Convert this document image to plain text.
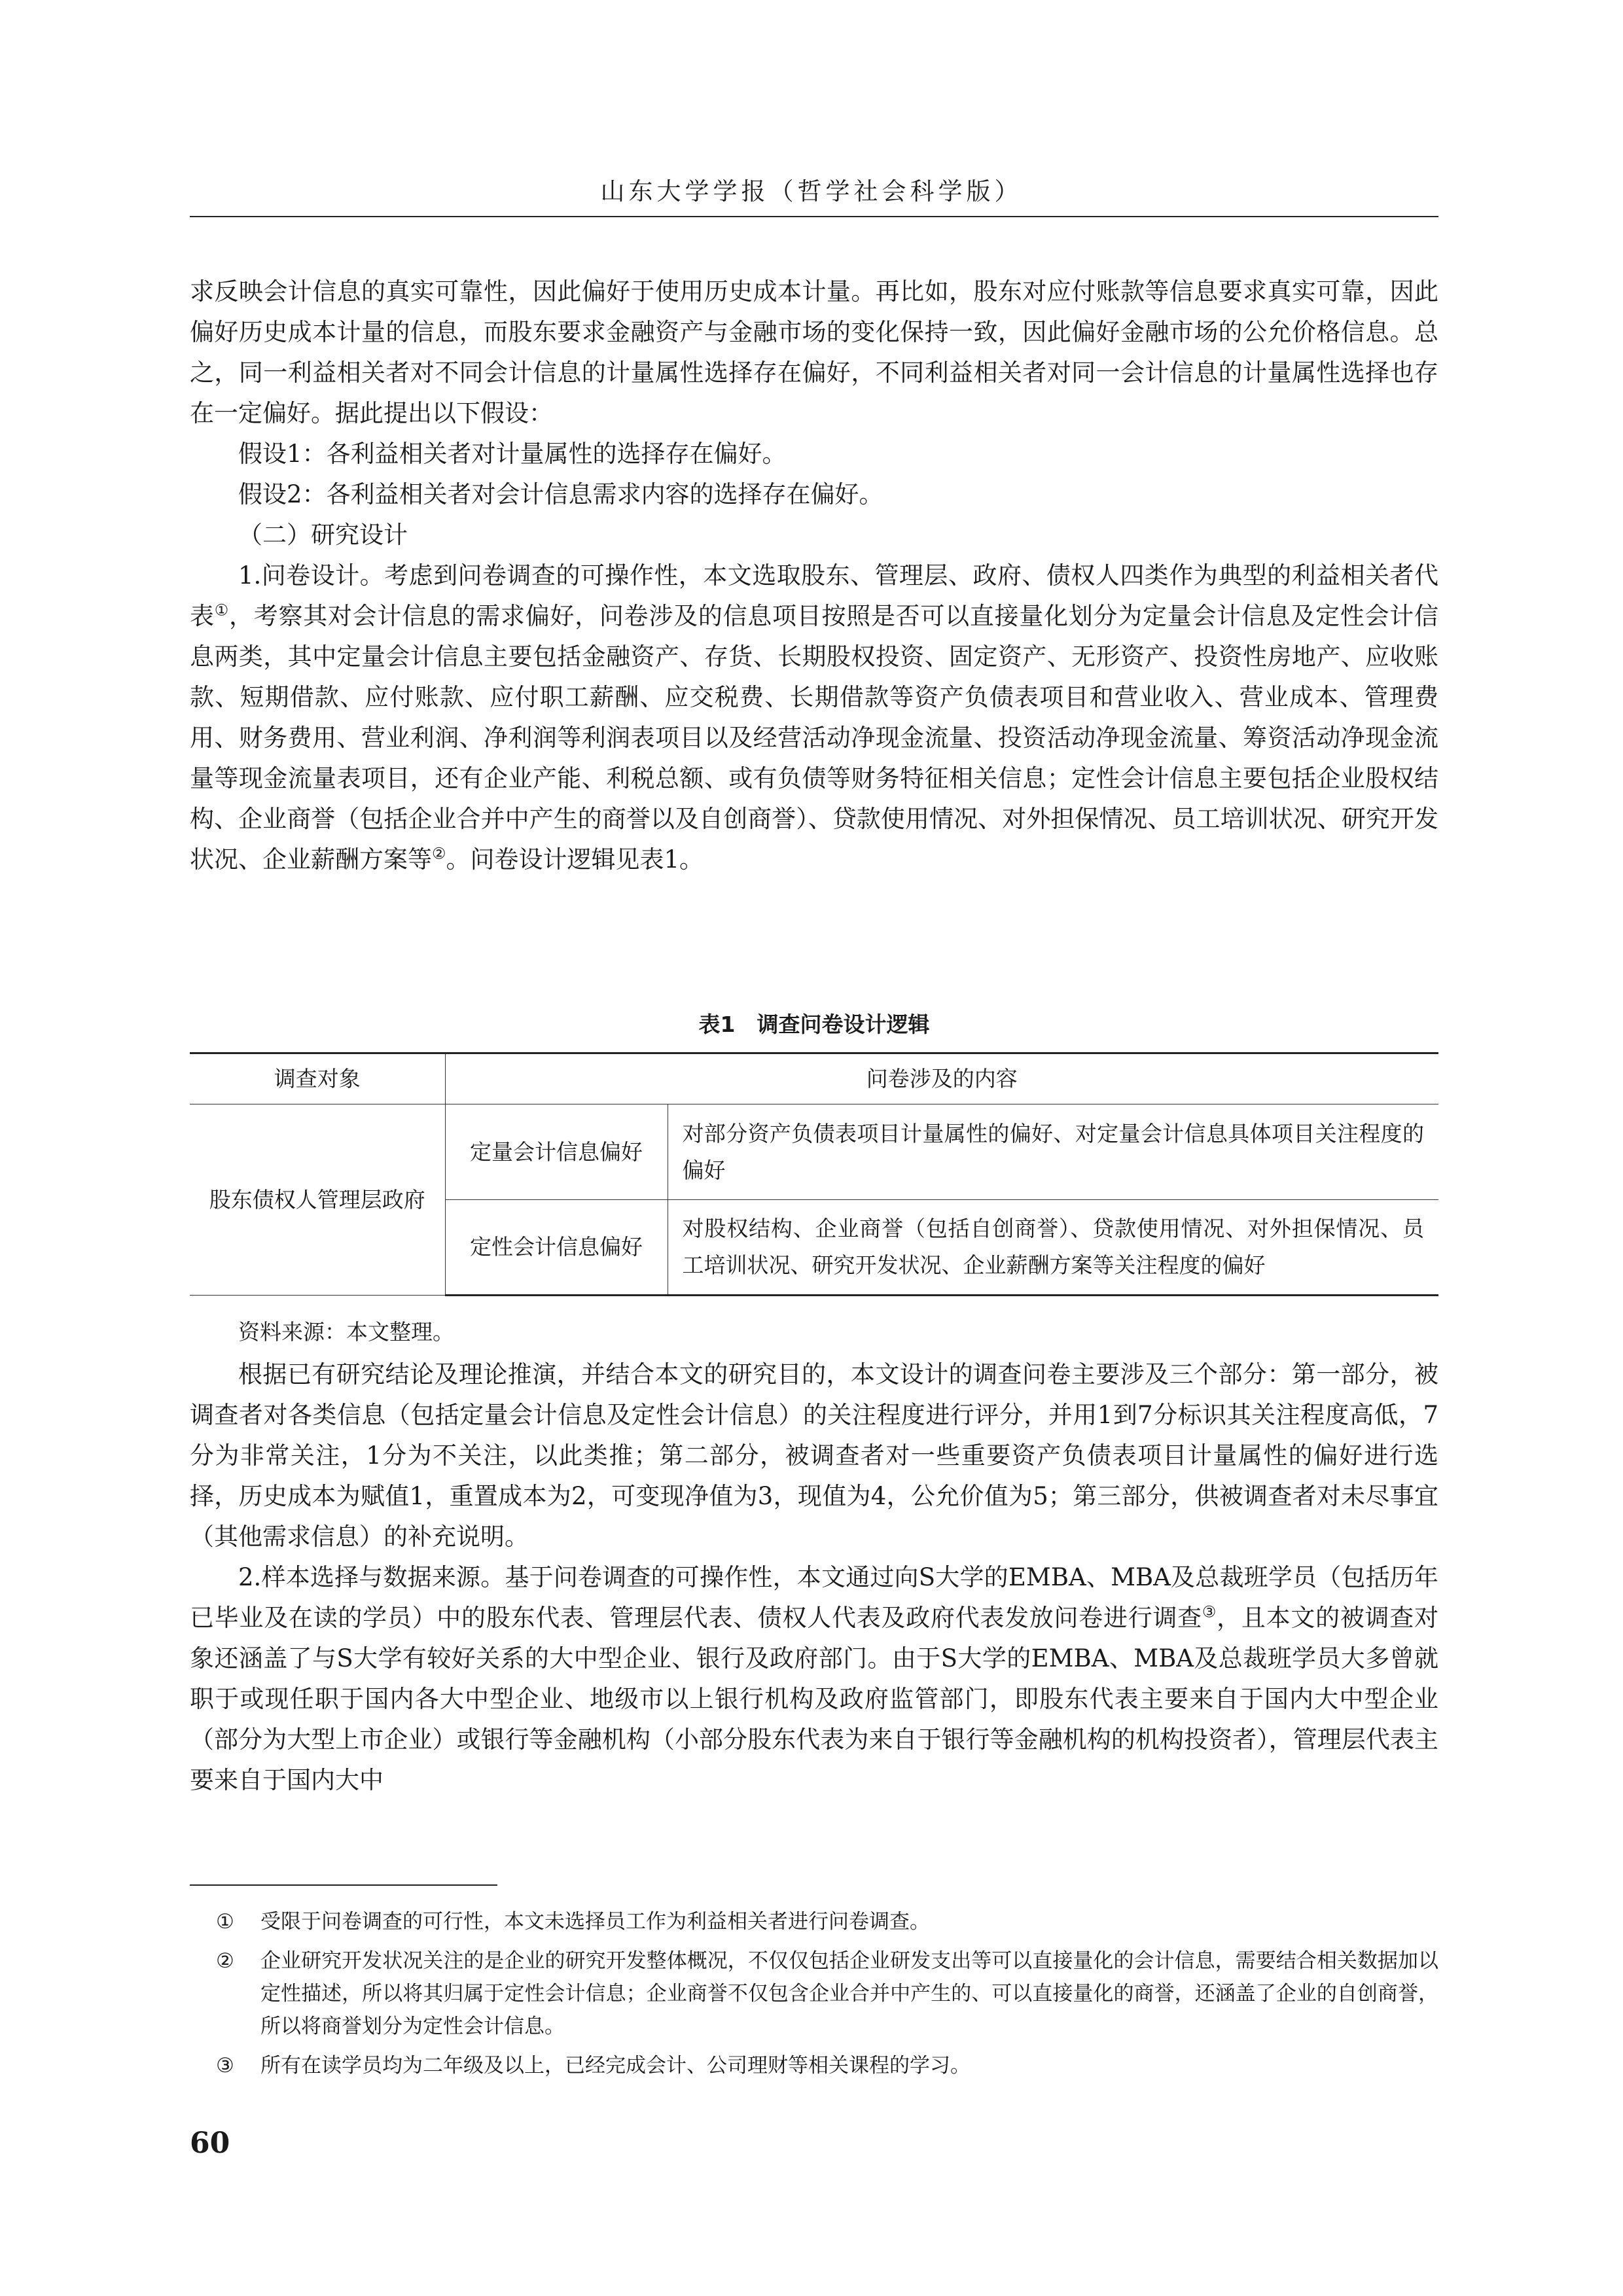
山东大学学报（哲学社会科学版）

求反映会计信息的真实可靠性，因此偏好于使用历史成本计量。再比如，股东对应付账款等信息要求真实可靠，因此偏好历史成本计量的信息，而股东要求金融资产与金融市场的变化保持一致，因此偏好金融市场的公允价格信息。总之，同一利益相关者对不同会计信息的计量属性选择存在偏好，不同利益相关者对同一会计信息的计量属性选择也存在一定偏好。据此提出以下假设：

假设1：各利益相关者对计量属性的选择存在偏好。

假设2：各利益相关者对会计信息需求内容的选择存在偏好。

（二）研究设计

1.问卷设计。考虑到问卷调查的可操作性，本文选取股东、管理层、政府、债权人四类作为典型的利益相关者代表①，考察其对会计信息的需求偏好，问卷涉及的信息项目按照是否可以直接量化划分为定量会计信息及定性会计信息两类，其中定量会计信息主要包括金融资产、存货、长期股权投资、固定资产、无形资产、投资性房地产、应收账款、短期借款、应付账款、应付职工薪酬、应交税费、长期借款等资产负债表项目和营业收入、营业成本、管理费用、财务费用、营业利润、净利润等利润表项目以及经营活动净现金流量、投资活动净现金流量、筹资活动净现金流量等现金流量表项目，还有企业产能、利税总额、或有负债等财务特征相关信息；定性会计信息主要包括企业股权结构、企业商誉（包括企业合并中产生的商誉以及自创商誉）、贷款使用情况、对外担保情况、员工培训状况、研究开发状况、企业薪酬方案等②。问卷设计逻辑见表1。

表1　调查问卷设计逻辑
调查对象	问卷涉及的内容	
股东债权人管理层政府	定量会计信息偏好	对部分资产负债表项目计量属性的偏好、对定量会计信息具体项目关注程度的偏好
	定性会计信息偏好	对股权结构、企业商誉（包括自创商誉）、贷款使用情况、对外担保情况、员工培训状况、研究开发状况、企业薪酬方案等关注程度的偏好
资料来源：本文整理。

根据已有研究结论及理论推演，并结合本文的研究目的，本文设计的调查问卷主要涉及三个部分：第一部分，被调查者对各类信息（包括定量会计信息及定性会计信息）的关注程度进行评分，并用1到7分标识其关注程度高低，7分为非常关注，1分为不关注，以此类推；第二部分，被调查者对一些重要资产负债表项目计量属性的偏好进行选择，历史成本为赋值1，重置成本为2，可变现净值为3，现值为4，公允价值为5；第三部分，供被调查者对未尽事宜（其他需求信息）的补充说明。

2.样本选择与数据来源。基于问卷调查的可操作性，本文通过向S大学的EMBA、MBA及总裁班学员（包括历年已毕业及在读的学员）中的股东代表、管理层代表、债权人代表及政府代表发放问卷进行调查③，且本文的被调查对象还涵盖了与S大学有较好关系的大中型企业、银行及政府部门。由于S大学的EMBA、MBA及总裁班学员大多曾就职于或现任职于国内各大中型企业、地级市以上银行机构及政府监管部门，即股东代表主要来自于国内大中型企业（部分为大型上市企业）或银行等金融机构（小部分股东代表为来自于银行等金融机构的机构投资者），管理层代表主要来自于国内大中

① 受限于问卷调查的可行性，本文未选择员工作为利益相关者进行问卷调查。
② 企业研究开发状况关注的是企业的研究开发整体概况，不仅仅包括企业研发支出等可以直接量化的会计信息，需要结合相关数据加以定性描述，所以将其归属于定性会计信息；企业商誉不仅包含企业合并中产生的、可以直接量化的商誉，还涵盖了企业的自创商誉，所以将商誉划分为定性会计信息。
③ 所有在读学员均为二年级及以上，已经完成会计、公司理财等相关课程的学习。
60
